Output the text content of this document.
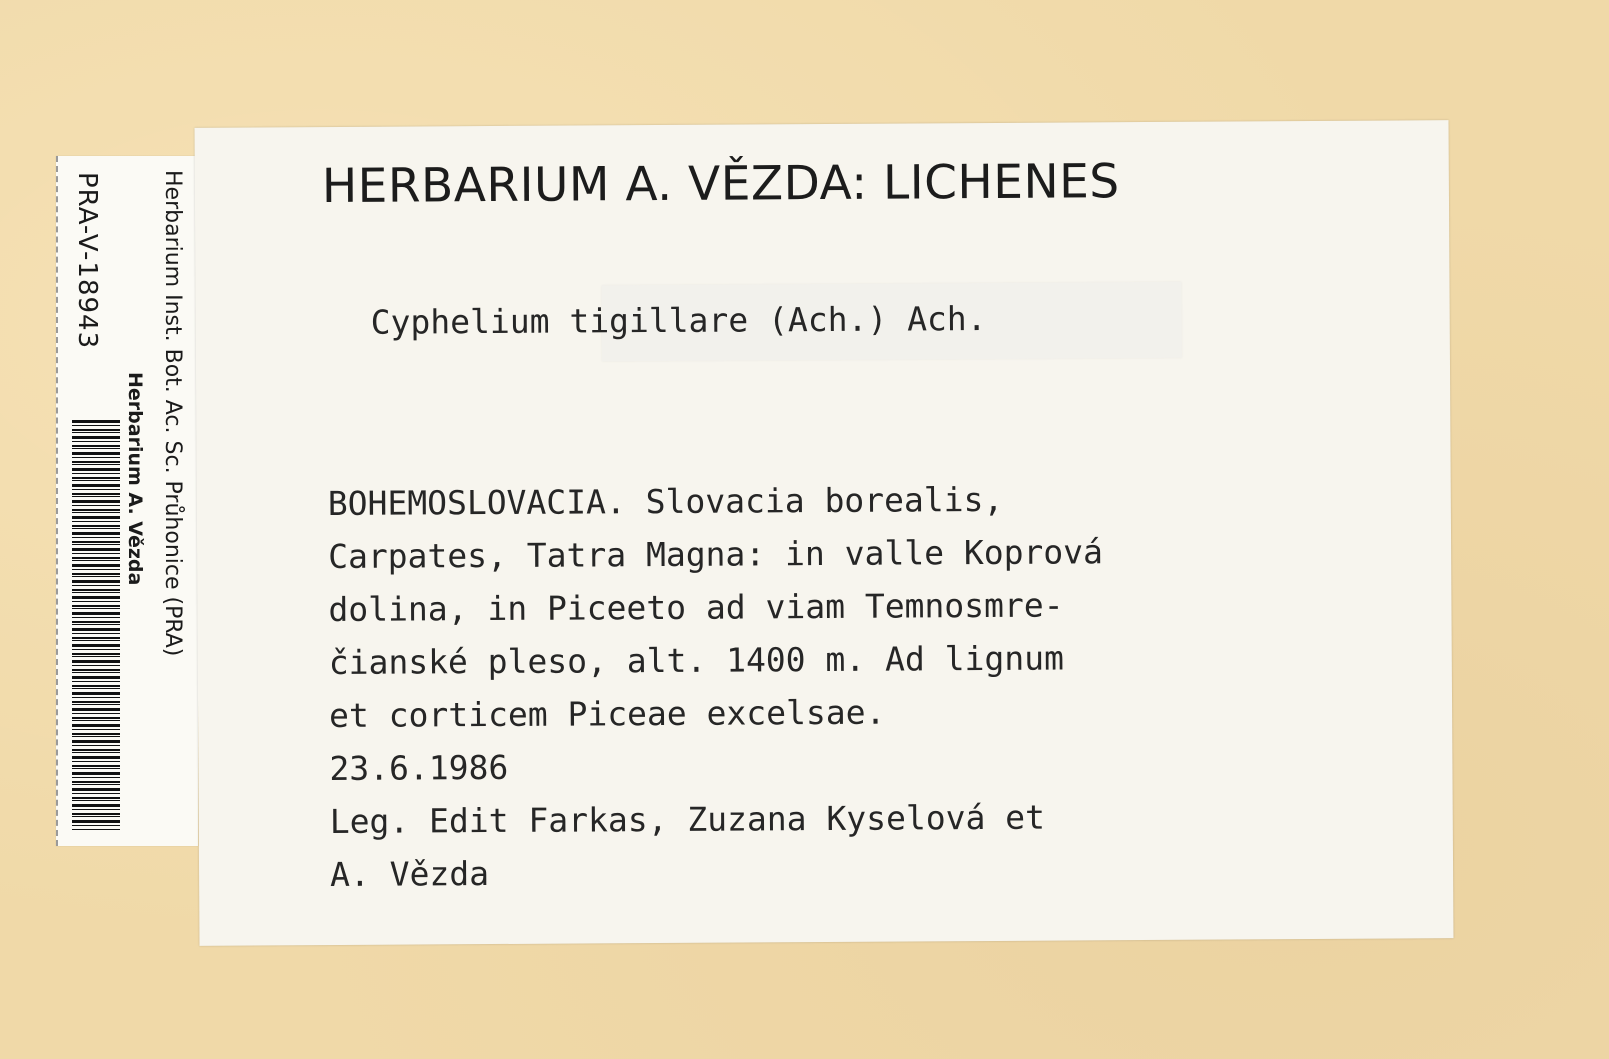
PRA-V-18943	Herbarium Inst. Bot. Ac. Sc. Průhonice (PRA)
Herbarium A. Vězda
HERBARIUM A. VĚZDA: LICHENES
Cyphelium tigillare (Ach.) Ach.
BOHEMOSLOVACIA. Slovacia borealis,
Carpates, Tatra Magna: in valle Koprová
dolina, in Piceeto ad viam Temnosmre-
čianské pleso, alt. 1400 m. Ad lignum
et corticem Piceae excelsae.
23.6.1986
Leg. Edit Farkas, Zuzana Kyselová et
A. Vězda
